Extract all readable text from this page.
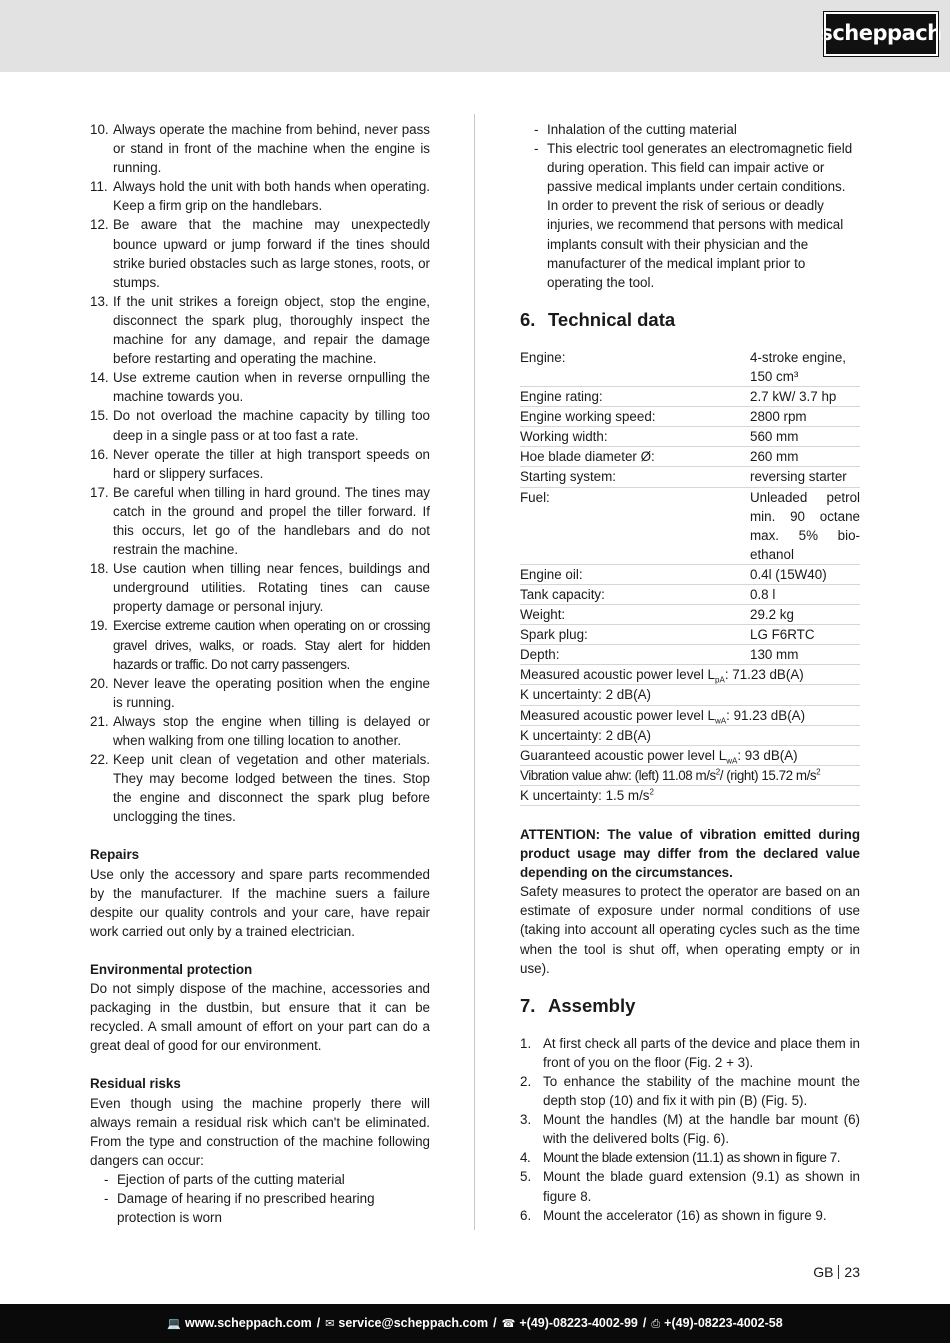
scheppach
10. Always operate the machine from behind, never pass or stand in front of the machine when the engine is running.
11. Always hold the unit with both hands when operating. Keep a firm grip on the handlebars.
12. Be aware that the machine may unexpectedly bounce upward or jump forward if the tines should strike buried obstacles such as large stones, roots, or stumps.
13. If the unit strikes a foreign object, stop the engine, disconnect the spark plug, thoroughly inspect the machine for any damage, and repair the damage before restarting and operating the machine.
14. Use extreme caution when in reverse ornpulling the machine towards you.
15. Do not overload the machine capacity by tilling too deep in a single pass or at too fast a rate.
16. Never operate the tiller at high transport speeds on hard or slippery surfaces.
17. Be careful when tilling in hard ground. The tines may catch in the ground and propel the tiller forward. If this occurs, let go of the handlebars and do not restrain the machine.
18. Use caution when tilling near fences, buildings and underground utilities. Rotating tines can cause property damage or personal injury.
19. Exercise extreme caution when operating on or crossing gravel drives, walks, or roads. Stay alert for hidden hazards or traffic. Do not carry passengers.
20. Never leave the operating position when the engine is running.
21. Always stop the engine when tilling is delayed or when walking from one tilling location to another.
22. Keep unit clean of vegetation and other materials. They may become lodged between the tines. Stop the engine and disconnect the spark plug before unclogging the tines.
Repairs

Use only the accessory and spare parts recommended by the manufacturer. If the machine suers a failure despite our quality controls and your care, have repair work carried out only by a trained electrician.

Environmental protection

Do not simply dispose of the machine, accessories and packaging in the dustbin, but ensure that it can be recycled. A small amount of effort on your part can do a great deal of good for our environment.

Residual risks

Even though using the machine properly there will always remain a residual risk which can't be eliminated. From the type and construction of the machine following dangers can occur:

- Ejection of parts of the cutting material
- Damage of hearing if no prescribed hearing protection is worn
- Inhalation of the cutting material
- This electric tool generates an electromagnetic field during operation. This field can impair active or passive medical implants under certain conditions. In order to prevent the risk of serious or deadly injuries, we recommend that persons with medical implants consult with their physician and the manufacturer of the medical implant prior to operating the tool.
6. Technical data
Engine:	4-stroke engine, 150 cm³
Engine rating:	2.7 kW/ 3.7 hp
Engine working speed:	2800 rpm
Working width:	560 mm
Hoe blade diameter Ø:	260 mm
Starting system:	reversing starter
Fuel:	Unleaded petrol min. 90 octane max. 5% bio-ethanol
Engine oil:	0.4l (15W40)
Tank capacity:	0.8 l
Weight:	29.2 kg
Spark plug:	LG F6RTC
Depth:	130 mm
Measured acoustic power level $L_{pA}$: 71.23 dB(A)
K uncertainty: 2 dB(A)
Measured acoustic power level $L_{wA}$: 91.23 dB(A)
K uncertainty: 2 dB(A)
Guaranteed acoustic power level $L_{wA}$: 93 dB(A)
Vibration value ahw: (left) 11.08 $m/s^2/$ (right) 15.72 $m/s^2$
K uncertainty: 1.5 $m/s^2$

ATTENTION: The value of vibration emitted during product usage may differ from the declared value depending on the circumstances.

Safety measures to protect the operator are based on an estimate of exposure under normal conditions of use (taking into account all operating cycles such as the time when the tool is shut off, when operating empty or in use).

7. Assembly
1. At first check all parts of the device and place them in front of you on the floor (Fig. 2 + 3).
2. To enhance the stability of the machine mount the depth stop (10) and fix it with pin (B) (Fig. 5).
3. Mount the handles (M) at the handle bar mount (6) with the delivered bolts (Fig. 6).
4. Mount the blade extension (11.1) as shown in figure 7.
5. Mount the blade guard extension (9.1) as shown in figure 8.
6. Mount the accelerator (16) as shown in figure 9.
GB 23
💻 www.scheppach.com / ✉ service@scheppach.com / ☎ +(49)-08223-4002-99 / ⎙ +(49)-08223-4002-58
